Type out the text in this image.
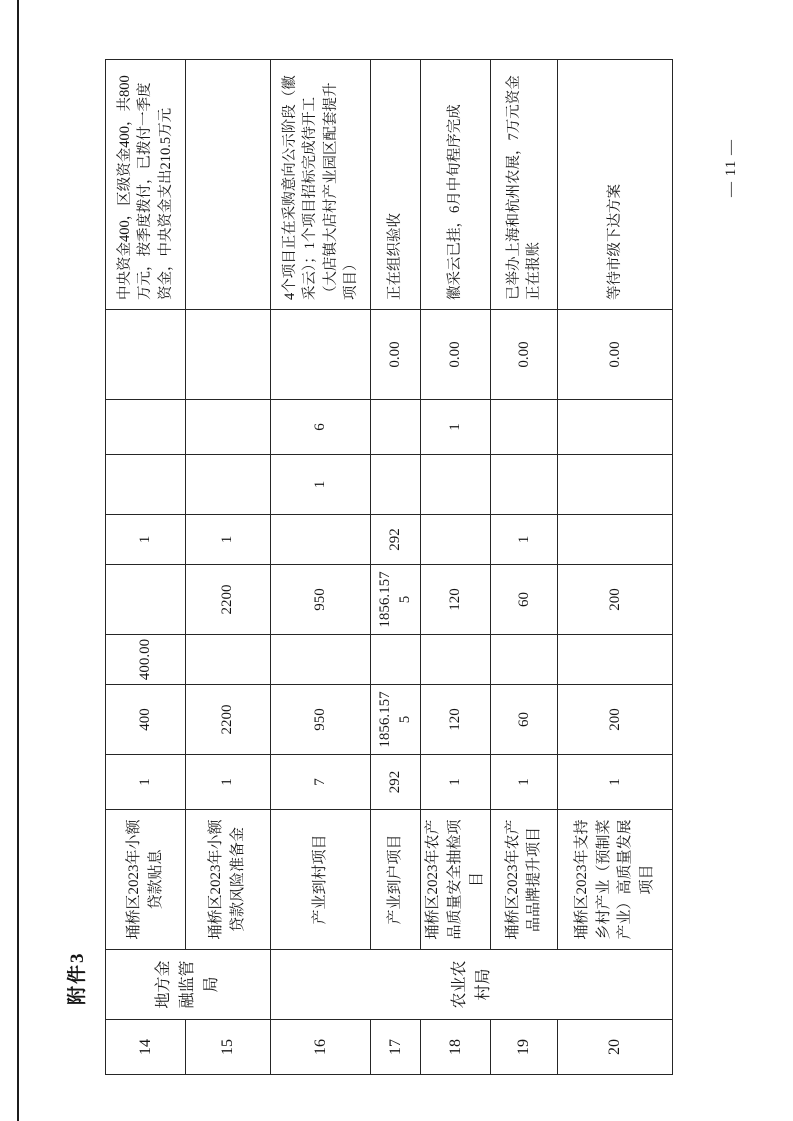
附件3
14	地方金融监管局	埇桥区2023年小额贷款贴息	1	400	400.00		1				中央资金400，区级资金400，共800万元，按季度拨付，已拨付一季度资金，中央资金支出210.5万元
15		埇桥区2023年小额贷款风险准备金	1	2200		2200	1				
16	农业农村局	产业到村项目	7	950		950		1	6		4个项目正在采购意向公示阶段（徽采云）；1个项目招标完成待开工（大店镇大店村产业园区配套提升项目）
17		产业到户项目	292	1856.1575		1856.1575	292			0.00	正在组织验收
18		埇桥区2023年农产品质量安全抽检项目	1	120		120			1	0.00	徽采云已挂，6月中旬程序完成
19		埇桥区2023年农产品品牌提升项目	1	60		60	1			0.00	已举办上海和杭州农展，7万元资金正在报账
20		埇桥区2023年支持乡村产业（预制菜产业）高质量发展项目	1	200		200				0.00	等待市级下达方案
— 11 —
